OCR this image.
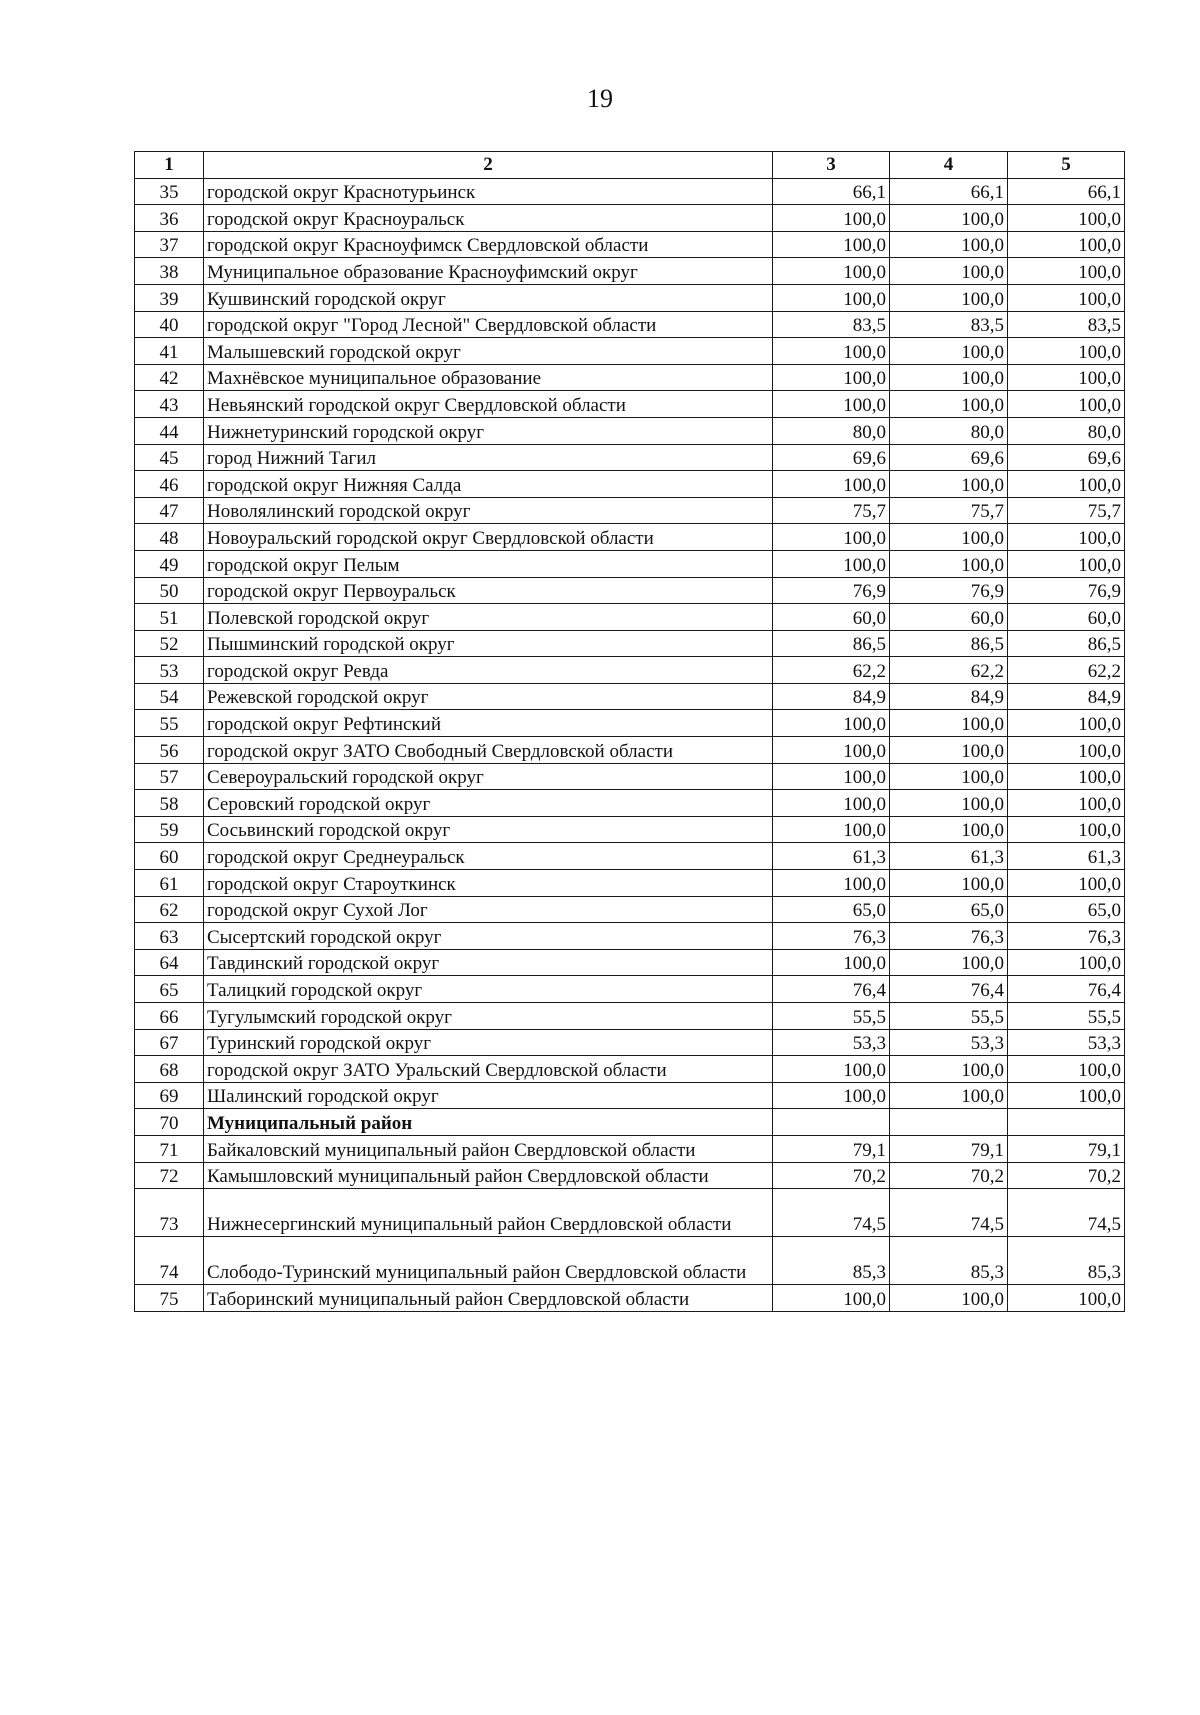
19
1	2	3	4	5
35	городской округ Краснотурьинск	66,1	66,1	66,1
36	городской округ Красноуральск	100,0	100,0	100,0
37	городской округ Красноуфимск Свердловской области	100,0	100,0	100,0
38	Муниципальное образование Красноуфимский округ	100,0	100,0	100,0
39	Кушвинский городской округ	100,0	100,0	100,0
40	городской округ "Город Лесной" Свердловской области	83,5	83,5	83,5
41	Малышевский городской округ	100,0	100,0	100,0
42	Махнёвское муниципальное образование	100,0	100,0	100,0
43	Невьянский городской округ Свердловской области	100,0	100,0	100,0
44	Нижнетуринский городской округ	80,0	80,0	80,0
45	город Нижний Тагил	69,6	69,6	69,6
46	городской округ Нижняя Салда	100,0	100,0	100,0
47	Новолялинский городской округ	75,7	75,7	75,7
48	Новоуральский городской округ Свердловской области	100,0	100,0	100,0
49	городской округ Пелым	100,0	100,0	100,0
50	городской округ Первоуральск	76,9	76,9	76,9
51	Полевской городской округ	60,0	60,0	60,0
52	Пышминский городской округ	86,5	86,5	86,5
53	городской округ Ревда	62,2	62,2	62,2
54	Режевской городской округ	84,9	84,9	84,9
55	городской округ Рефтинский	100,0	100,0	100,0
56	городской округ ЗАТО Свободный Свердловской области	100,0	100,0	100,0
57	Североуральский городской округ	100,0	100,0	100,0
58	Серовский городской округ	100,0	100,0	100,0
59	Сосьвинский городской округ	100,0	100,0	100,0
60	городской округ Среднеуральск	61,3	61,3	61,3
61	городской округ Староуткинск	100,0	100,0	100,0
62	городской округ Сухой Лог	65,0	65,0	65,0
63	Сысертский городской округ	76,3	76,3	76,3
64	Тавдинский городской округ	100,0	100,0	100,0
65	Талицкий городской округ	76,4	76,4	76,4
66	Тугулымский городской округ	55,5	55,5	55,5
67	Туринский городской округ	53,3	53,3	53,3
68	городской округ ЗАТО Уральский Свердловской области	100,0	100,0	100,0
69	Шалинский городской округ	100,0	100,0	100,0
70	Муниципальный район			
71	Байкаловский муниципальный район Свердловской области	79,1	79,1	79,1
72	Камышловский муниципальный район Свердловской области	70,2	70,2	70,2
73	Нижнесергинский муниципальный район Свердловской области	74,5	74,5	74,5
74	Слободо-Туринский муниципальный район Свердловской области	85,3	85,3	85,3
75	Таборинский муниципальный район Свердловской области	100,0	100,0	100,0
